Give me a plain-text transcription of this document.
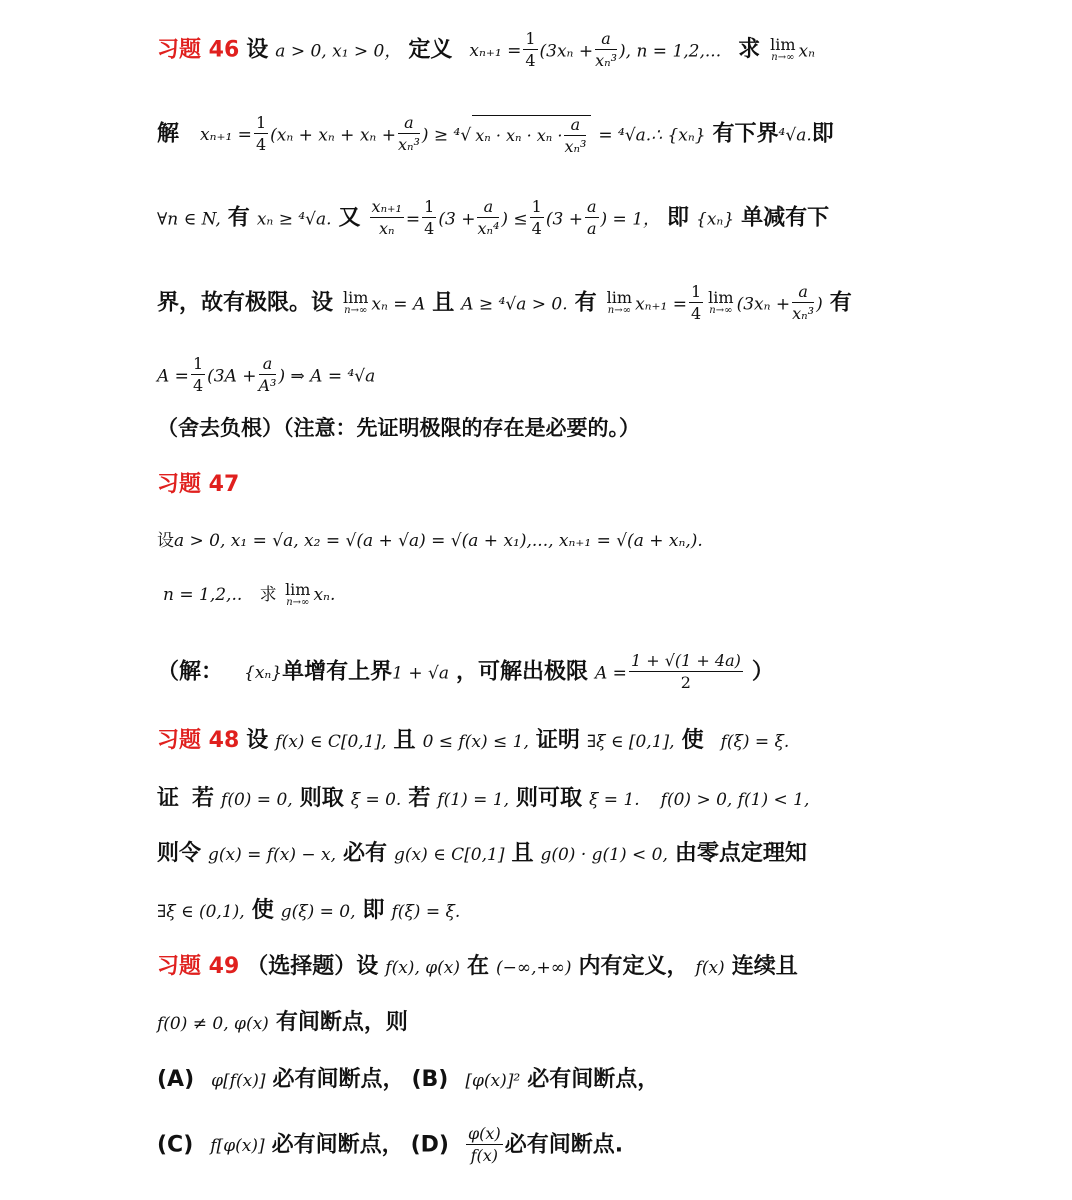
习题 46 设 a > 0, x₁ > 0， 定义 $x_{n+1} = \frac{1}{4} (3x_n + \frac{a}{\text{xₙ³}}$ ), n = 1,2,... 求 lim
n→∞ xₙ
解 $x_{n+1} = \frac{1}{4} (x_n + x_n + x_n + \frac{a}{\text{xₙ³}}$ ) ≥ ⁴√ $x_n \cdot x_n \cdot x_n \cdot \frac{a}{\text{xₙ³}}$ = ⁴√a.∴ {xₙ} 有下界⁴√a.即
∀n ∈ N, 有 xₙ ≥ ⁴√a. 又 $\frac{\text{xₙ₊₁}}{\text{xₙ}} = \frac{1}{4} (3 + \frac{a}{\text{xₙ⁴}}$ ) ≤ $\frac{1}{4} (3 + \frac{a}{a}$ ) = 1， 即 {xₙ} 单减有下
界，故有极限。设 lim
n→∞ xₙ = A 且 A ≥ ⁴√a > 0. 有 lim
n→∞ $x_{n+1} = \frac{1}{4}$ lim
n→∞ ($3x_n + \frac{a}{\text{xₙ³}}$ ) 有
$A = \frac{1}{4} (3A + \frac{a}{\text{A³}}$ ) ⇒ A = ⁴√a
（舍去负根）（注意：先证明极限的存在是必要的。）
习题 47
设a > 0, x₁ = √a, x₂ = √(a + √a) = √(a + x₁),..., xₙ₊₁ = √(a + xₙ,).
n = 1,2,.. 求 lim
n→∞ xₙ.
（解： {xₙ}单增有上界1 + √a ，可解出极限 $A = \frac{1 + √(1 + 4a)}{2}$ ）
习题 48 设 f(x) ∈ C[0,1], 且 0 ≤ f(x) ≤ 1, 证明 ∃ξ ∈ [0,1], 使 f(ξ) = ξ.
证 若 f(0) = 0, 则取 ξ = 0. 若 f(1) = 1, 则可取 ξ = 1. f(0) > 0, f(1) < 1,
则令 g(x) = f(x) − x, 必有 g(x) ∈ C[0,1] 且 g(0) · g(1) < 0, 由零点定理知
∃ξ ∈ (0,1), 使 g(ξ) = 0, 即 f(ξ) = ξ.
习题 49 （选择题）设 f(x), φ(x) 在 (−∞,+∞) 内有定义， f(x) 连续且
f(0) ≠ 0, φ(x) 有间断点，则
(A) φ[f(x)] 必有间断点， (B) [φ(x)]² 必有间断点，
(C) f[φ(x)] 必有间断点， $(D) \frac{\varphi(x)}{f(x)}$ 必有间断点.
